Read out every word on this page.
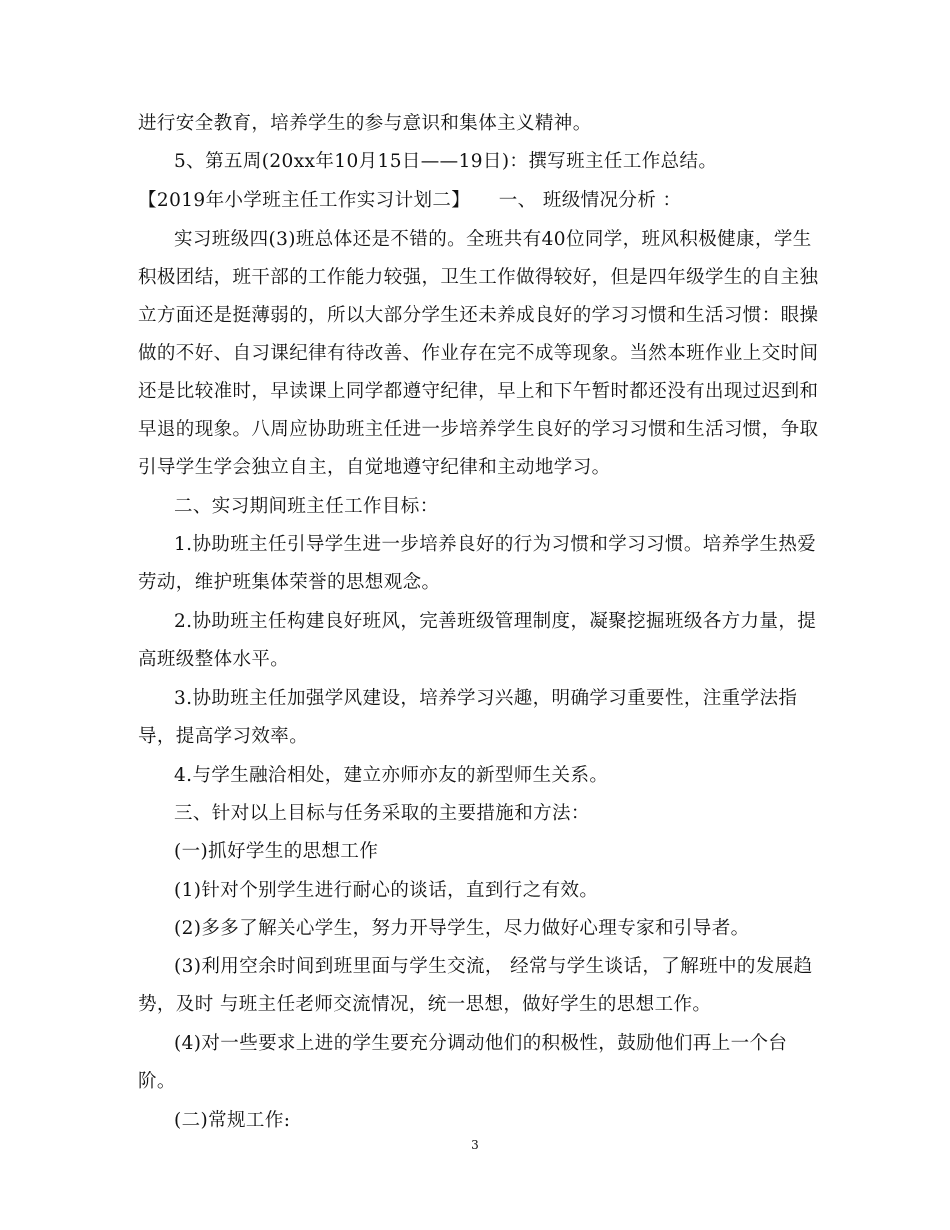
进行安全教育，培养学生的参与意识和集体主义精神。
5、第五周(20xx年10月15日——19日)：撰写班主任工作总结。
【2019年小学班主任工作实习计划二】　　一、 班级情况分析 ：
实习班级四(3)班总体还是不错的。全班共有40位同学，班风积极健康，学生
积极团结，班干部的工作能力较强，卫生工作做得较好，但是四年级学生的自主独
立方面还是挺薄弱的，所以大部分学生还未养成良好的学习习惯和生活习惯：眼操
做的不好、自习课纪律有待改善、作业存在完不成等现象。当然本班作业上交时间
还是比较准时，早读课上同学都遵守纪律，早上和下午暂时都还没有出现过迟到和
早退的现象。八周应协助班主任进一步培养学生良好的学习习惯和生活习惯，争取
引导学生学会独立自主，自觉地遵守纪律和主动地学习。
二、实习期间班主任工作目标：
1.协助班主任引导学生进一步培养良好的行为习惯和学习习惯。培养学生热爱
劳动，维护班集体荣誉的思想观念。
2.协助班主任构建良好班风，完善班级管理制度，凝聚挖掘班级各方力量，提
高班级整体水平。
3.协助班主任加强学风建设，培养学习兴趣，明确学习重要性，注重学法指
导，提高学习效率。
4.与学生融洽相处，建立亦师亦友的新型师生关系。
三、针对以上目标与任务采取的主要措施和方法：
(一)抓好学生的思想工作
(1)针对个别学生进行耐心的谈话，直到行之有效。
(2)多多了解关心学生，努力开导学生，尽力做好心理专家和引导者。
(3)利用空余时间到班里面与学生交流， 经常与学生谈话，了解班中的发展趋
势，及时 与班主任老师交流情况，统一思想，做好学生的思想工作。
(4)对一些要求上进的学生要充分调动他们的积极性，鼓励他们再上一个台
阶。
(二)常规工作:
3
